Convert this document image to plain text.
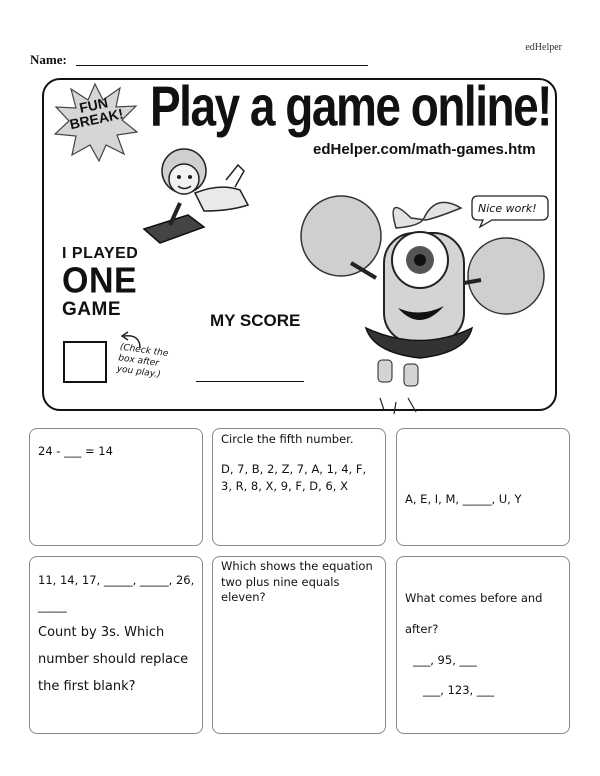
edHelper
Name:
FUN BREAK! Play a game online!
edHelper.com/math-games.htm
Nice work!
I PLAYED
ONE
GAME
(Check the box after you play.)
MY SCORE
24 - ___ = 14
Circle the fifth number.
D, 7, B, 2, Z, 7, A, 1, 4, F, 3, R, 8, X, 9, F, D, 6, X
A, E, I, M, _____, U, Y
11, 14, 17, _____, _____, 26, _____
Count by 3s. Which number should replace the first blank?
Which shows the equation two plus nine equals eleven?	What comes before and after?
___, 95, ___
___, 123, ___
